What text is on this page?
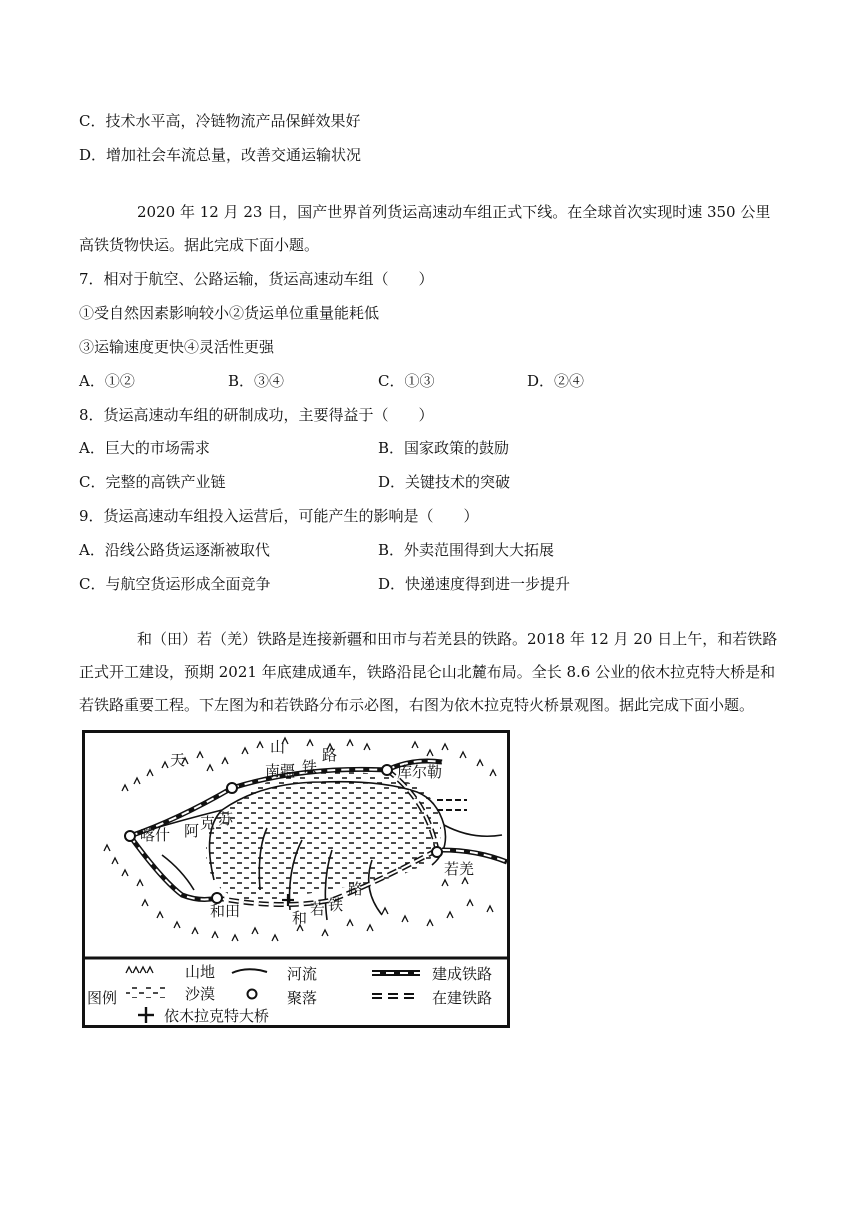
C．技术水平高，冷链物流产品保鲜效果好
D．增加社会车流总量，改善交通运输状况
2020 年 12 月 23 日，国产世界首列货运高速动车组正式下线。在全球首次实现时速 350 公里高铁货物快运。据此完成下面小题。
7．相对于航空、公路运输，货运高速动车组（　　）
①受自然因素影响较小②货运单位重量能耗低
③运输速度更快④灵活性更强
A．①②	B．③④	C．①③	D．②④
8．货运高速动车组的研制成功，主要得益于（　　）
A．巨大的市场需求	B．国家政策的鼓励
C．完整的高铁产业链	D．关键技术的突破
9．货运高速动车组投入运营后，可能产生的影响是（　　）
A．沿线公路货运逐渐被取代	B．外卖范围得到大大拓展
C．与航空货运形成全面竞争	D．快递速度得到进一步提升
和（田）若（羌）铁路是连接新疆和田市与若羌县的铁路。2018 年 12 月 20 日上午，和若铁路正式开工建设，预期 2021 年底建成通车，铁路沿昆仑山北麓布局。全长 8.6 公业的依木拉克特大桥是和若铁路重要工程。下左图为和若铁路分布示必图，右图为依木拉克特火桥景观图。据此完成下面小题。
天
山 路
南疆 铁	库尔勒
阿 克 苏
喀什
若羌
和田	和 若 铁
路
图例
山地
沙漠
河流
聚落
建成铁路
在建铁路
依木拉克特大桥
